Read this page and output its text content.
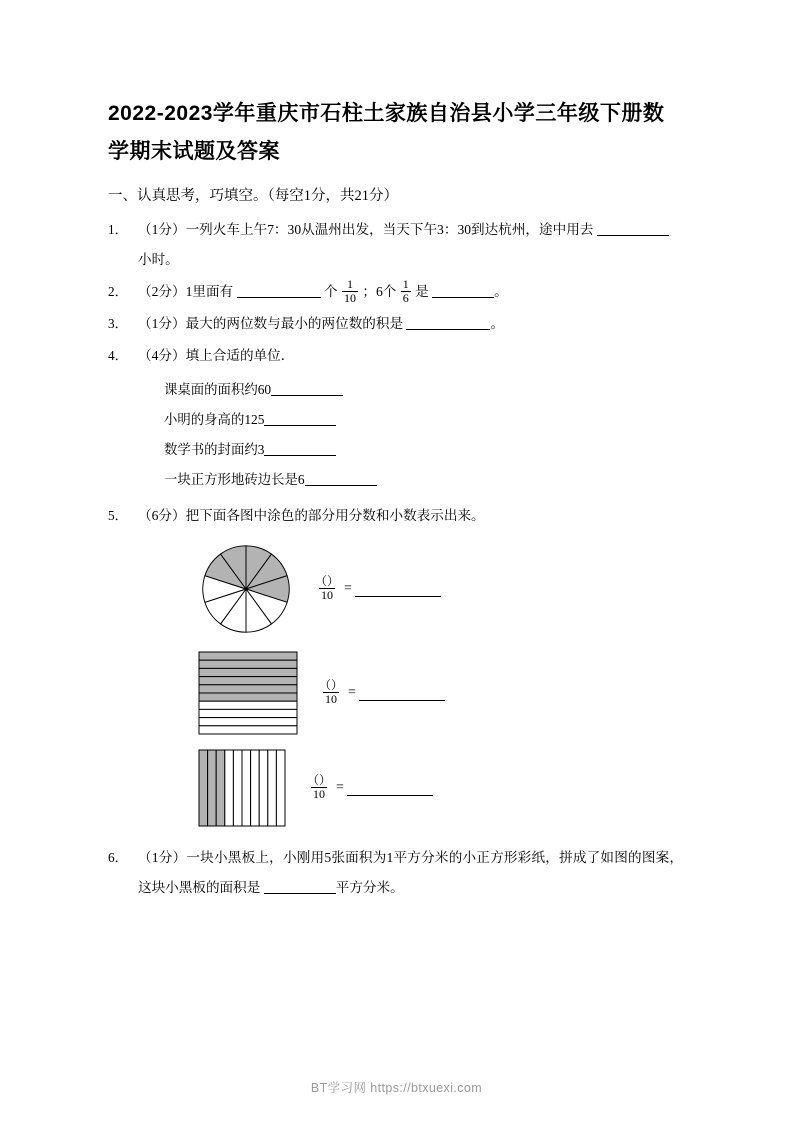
2022-2023学年重庆市石柱土家族自治县小学三年级下册数学期末试题及答案
一、认真思考，巧填空。（每空1分，共21分）
1． （1分）一列火车上午7：30从温州出发，当天下午3：30到达杭州，途中用去  小时。

2． （2分）1里面有	个 $\frac{1}{10}$ ；6个 $\frac{1}{6}$ 是	。

3． （1分）最大的两位数与最小的两位数的积是	。

4． （4分）填上合适的单位．

课桌面的面积约60

小明的身高的125

数学书的封面约3

一块正方形地砖边长是6

5． （6分）把下面各图中涂色的部分用分数和小数表示出来。

$\frac{()}{10}$ =
$\frac{()}{10}$ =
$\frac{()}{10}$ =
6． （1分）一块小黑板上，小刚用5张面积为1平方分米的小正方形彩纸，拼成了如图的图案，这块小黑板的面积是	平方分米。

BT学习网 https://btxuexi.com
